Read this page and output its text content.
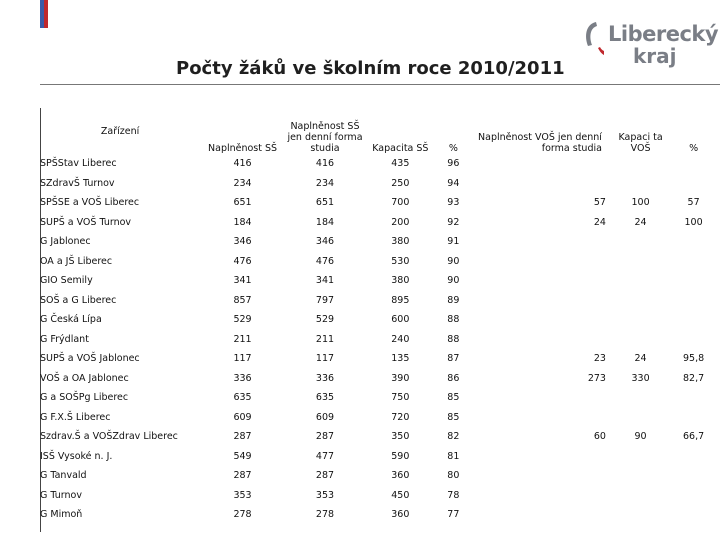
Liberecký
kraj
Počty žáků ve školním roce 2010/2011
Zařízení	Naplněnost SŠ	Naplněnost SŠ jen denní forma studia	Kapacita SŠ	%	Naplněnost VOŠ jen denní forma studia	Kapaci ta VOŠ	%
SPŠStav Liberec	416	416	435	96			
SZdravŠ Turnov	234	234	250	94			
SPŠSE a VOŠ Liberec	651	651	700	93	57	100	57
SUPŠ a VOŠ Turnov	184	184	200	92	24	24	100
G Jablonec	346	346	380	91			
OA a JŠ Liberec	476	476	530	90			
GIO Semily	341	341	380	90			
SOŠ a G Liberec	857	797	895	89			
G Česká Lípa	529	529	600	88			
G Frýdlant	211	211	240	88			
SUPŠ a VOŠ Jablonec	117	117	135	87	23	24	95,8
VOŠ a OA Jablonec	336	336	390	86	273	330	82,7
G a SOŠPg Liberec	635	635	750	85			
G F.X.Š Liberec	609	609	720	85			
Szdrav.Š a VOŠZdrav Liberec	287	287	350	82	60	90	66,7
ISŠ Vysoké n. J.	549	477	590	81			
G Tanvald	287	287	360	80			
G Turnov	353	353	450	78			
G Mimoň	278	278	360	77			
